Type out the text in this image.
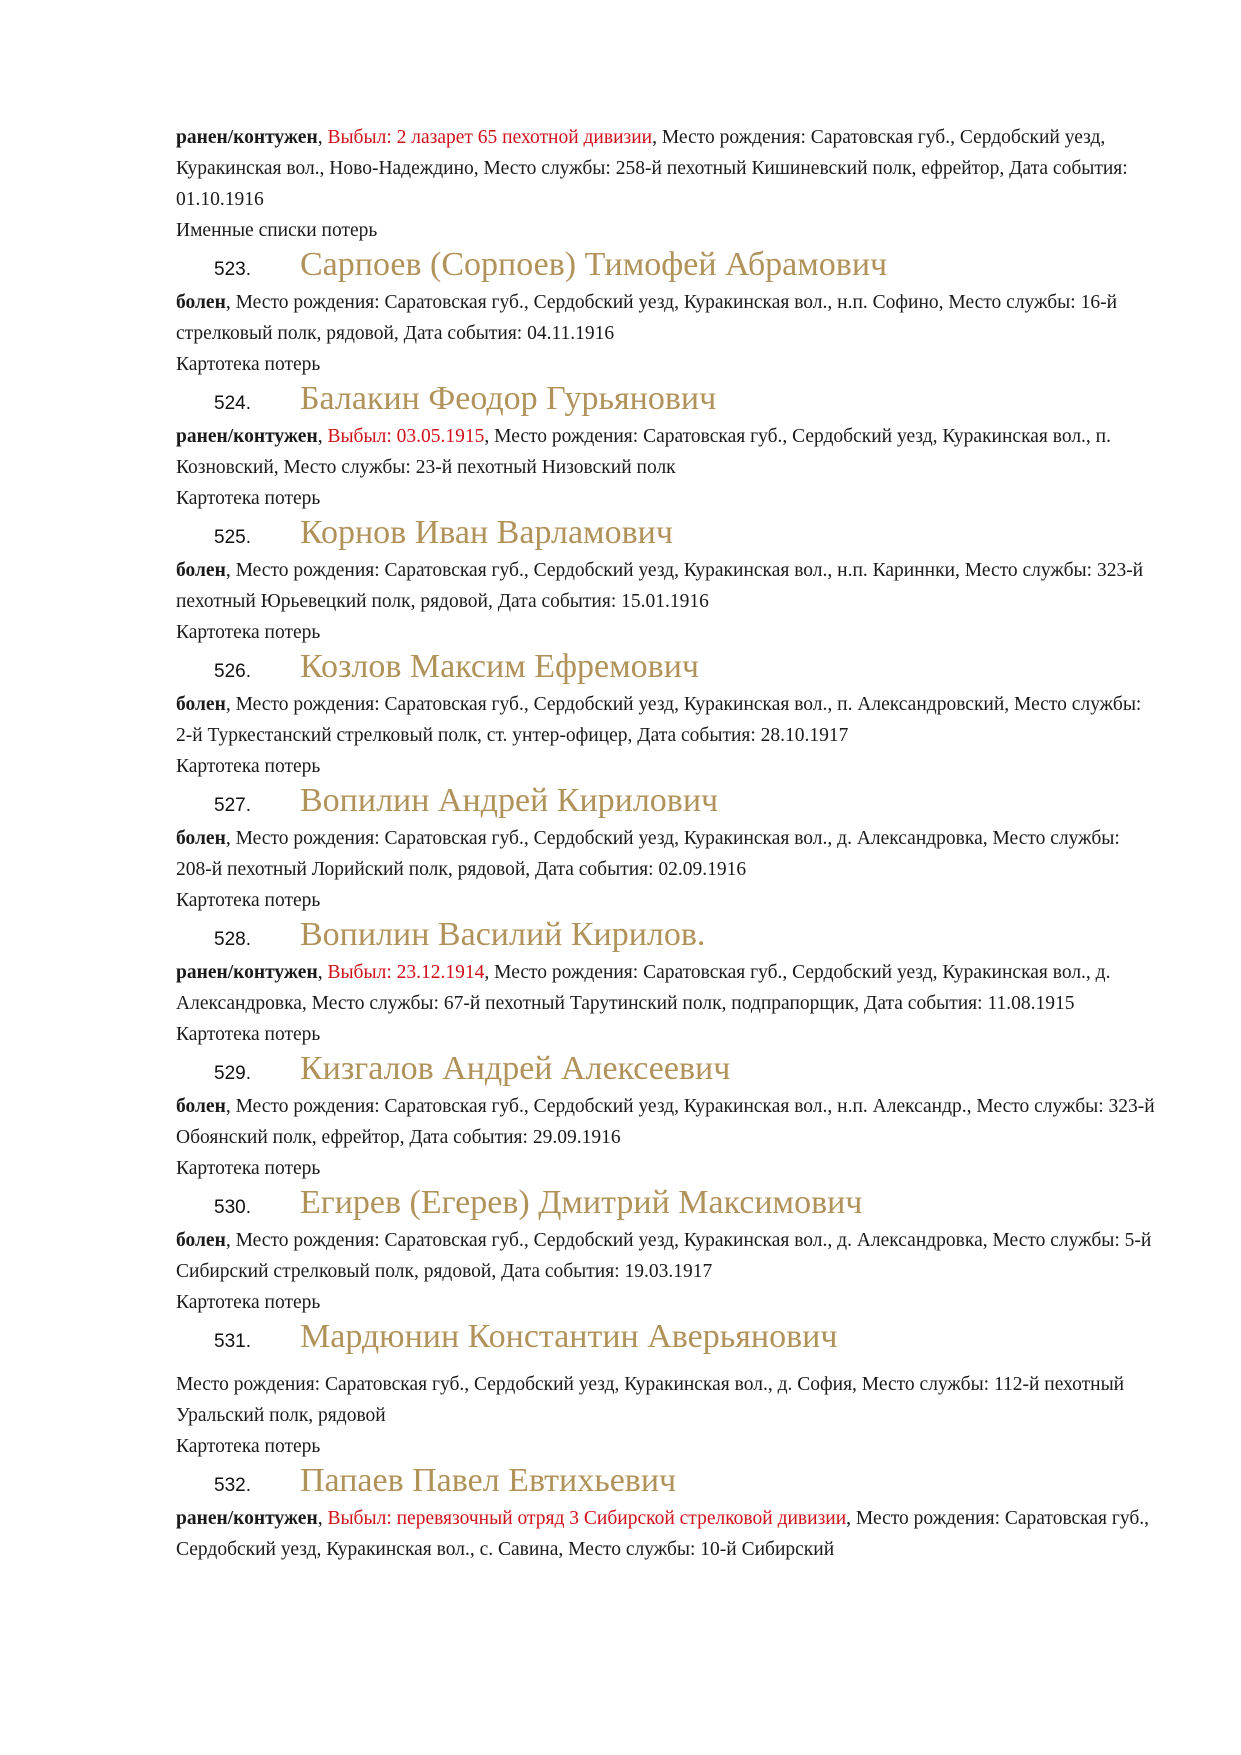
ранен/контужен, Выбыл: 2 лазарет 65 пехотной дивизии, Место рождения: Саратовская губ., Сердобский уезд, Куракинская вол., Ново-Надеждино, Место службы: 258-й пехотный Кишиневский полк, ефрейтор, Дата события: 01.10.1916

Именные списки потерь

523. Сарпоев (Сорпоев) Тимофей Абрамович

болен, Место рождения: Саратовская губ., Сердобский уезд, Куракинская вол., н.п. Софино, Место службы: 16-й стрелковый полк, рядовой, Дата события: 04.11.1916

Картотека потерь

524. Балакин Феодор Гурьянович

ранен/контужен, Выбыл: 03.05.1915, Место рождения: Саратовская губ., Сердобский уезд, Куракинская вол., п. Козновский, Место службы: 23-й пехотный Низовский полк

Картотека потерь

525. Корнов Иван Варламович

болен, Место рождения: Саратовская губ., Сердобский уезд, Куракинская вол., н.п. Кариннки, Место службы: 323-й пехотный Юрьевецкий полк, рядовой, Дата события: 15.01.1916

Картотека потерь

526. Козлов Максим Ефремович

болен, Место рождения: Саратовская губ., Сердобский уезд, Куракинская вол., п. Александровский, Место службы: 2-й Туркестанский стрелковый полк, ст. унтер-офицер, Дата события: 28.10.1917

Картотека потерь

527. Вопилин Андрей Кирилович

болен, Место рождения: Саратовская губ., Сердобский уезд, Куракинская вол., д. Александровка, Место службы: 208-й пехотный Лорийский полк, рядовой, Дата события: 02.09.1916

Картотека потерь

528. Вопилин Василий Кирилов.

ранен/контужен, Выбыл: 23.12.1914, Место рождения: Саратовская губ., Сердобский уезд, Куракинская вол., д. Александровка, Место службы: 67-й пехотный Тарутинский полк, подпрапорщик, Дата события: 11.08.1915

Картотека потерь

529. Кизгалов Андрей Алексеевич

болен, Место рождения: Саратовская губ., Сердобский уезд, Куракинская вол., н.п. Александр., Место службы: 323-й Обоянский полк, ефрейтор, Дата события: 29.09.1916

Картотека потерь

530. Егирев (Егерев) Дмитрий Максимович

болен, Место рождения: Саратовская губ., Сердобский уезд, Куракинская вол., д. Александровка, Место службы: 5-й Сибирский стрелковый полк, рядовой, Дата события: 19.03.1917

Картотека потерь

531. Мардюнин Константин Аверьянович

Место рождения: Саратовская губ., Сердобский уезд, Куракинская вол., д. София, Место службы: 112-й пехотный Уральский полк, рядовой

Картотека потерь

532. Папаев Павел Евтихьевич

ранен/контужен, Выбыл: перевязочный отряд 3 Сибирской стрелковой дивизии, Место рождения: Саратовская губ., Сердобский уезд, Куракинская вол., с. Савина, Место службы: 10-й Сибирский
